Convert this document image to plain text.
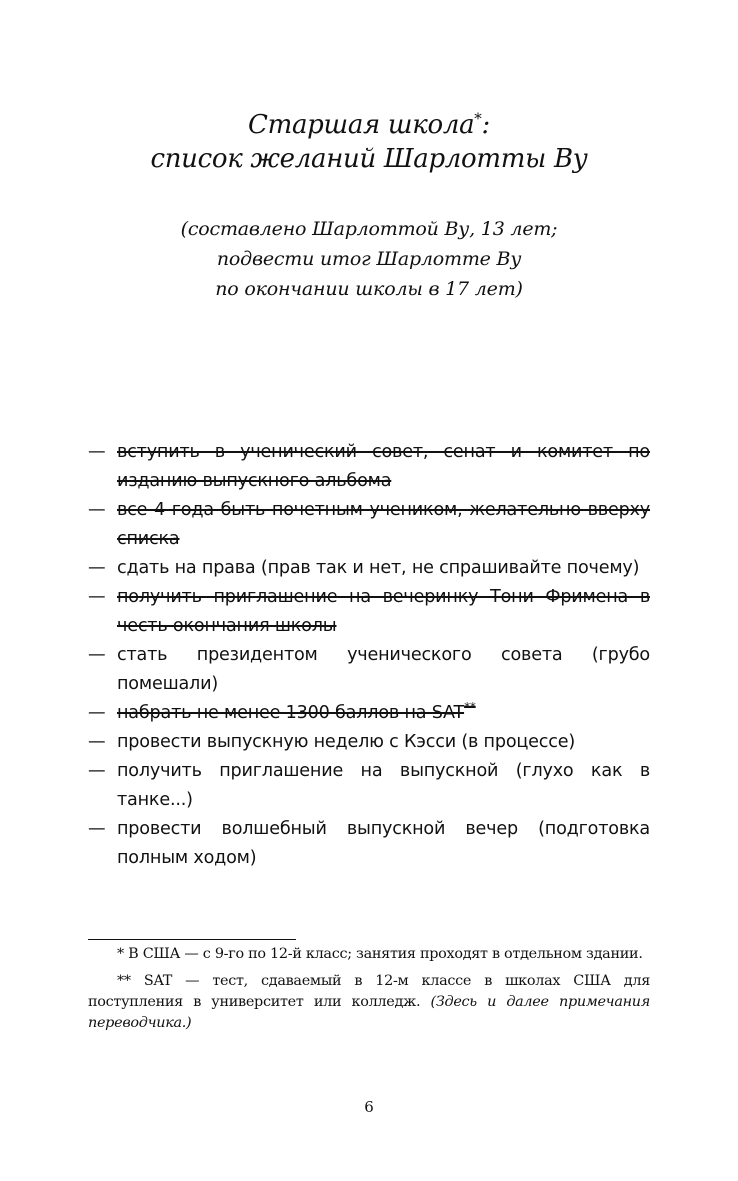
Старшая школа*:
список желаний Шарлотты Ву
(составлено Шарлоттой Ву, 13 лет;
подвести итог Шарлотте Ву
по окончании школы в 17 лет)
— вступить в ученический совет, сенат и комитет по изданию выпускного альбома
— все 4 года быть почетным учеником, желательно вверху списка
— сдать на права (прав так и нет, не спрашивайте почему)
— получить приглашение на вечеринку Тони Фримена в честь окончания школы
— стать президентом ученического совета (грубо помешали)
— набрать не менее 1300 баллов на SAT**
— провести выпускную неделю с Кэсси (в процессе)
— получить приглашение на выпускной (глухо как в танке...)
— провести волшебный выпускной вечер (подготовка полным ходом)

* В США — с 9-го по 12-й класс; занятия проходят в отдельном здании.

** SAT — тест, сдаваемый в 12-м классе в школах США для поступления в университет или колледж. (Здесь и далее примечания переводчика.)

6
